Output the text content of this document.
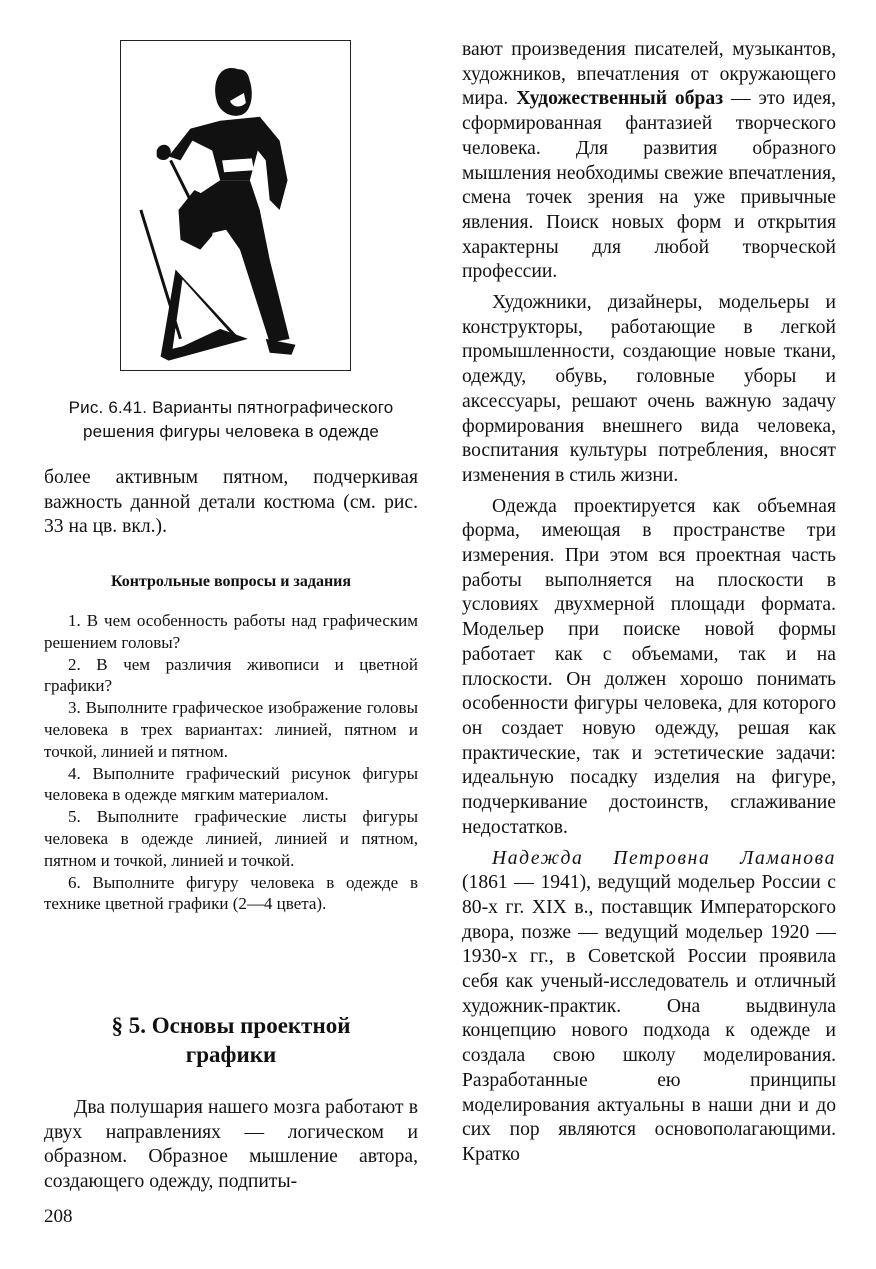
Рис. 6.41. Варианты пятнографического
решения фигуры человека в одежде

более активным пятном, подчеркивая важность данной детали костюма (см. рис. 33 на цв. вкл.).

Контрольные вопросы и задания

1. В чем особенность работы над графическим решением головы?

2. В чем различия живописи и цветной графики?

3. Выполните графическое изображение головы человека в трех вариантах: линией, пятном и точкой, линией и пятном.

4. Выполните графический рисунок фигуры человека в одежде мягким материалом.

5. Выполните графические листы фигуры человека в одежде линией, линией и пятном, пятном и точкой, линией и точкой.

6. Выполните фигуру человека в одежде в технике цветной графики (2—4 цвета).

§ 5. Основы проектной
графики

Два полушария нашего мозга работают в двух направлениях — логическом и образном. Образное мышление автора, создающего одежду, подпиты-

208

вают произведения писателей, музыкантов, художников, впечатления от окружающего мира. Художественный образ — это идея, сформированная фантазией творческого человека. Для развития образного мышления необходимы свежие впечатления, смена точек зрения на уже привычные явления. Поиск новых форм и открытия характерны для любой творческой профессии.

Художники, дизайнеры, модельеры и конструкторы, работающие в легкой промышленности, создающие новые ткани, одежду, обувь, головные уборы и аксессуары, решают очень важную задачу формирования внешнего вида человека, воспитания культуры потребления, вносят изменения в стиль жизни.

Одежда проектируется как объемная форма, имеющая в пространстве три измерения. При этом вся проектная часть работы выполняется на плоскости в условиях двухмерной площади формата. Модельер при поиске новой формы работает как с объемами, так и на плоскости. Он должен хорошо понимать особенности фигуры человека, для которого он создает новую одежду, решая как практические, так и эстетические задачи: идеальную посадку изделия на фигуре, подчеркивание достоинств, сглаживание недостатков.

Надежда Петровна Ламанова (1861 — 1941), ведущий модельер России с 80-х гг. XIX в., поставщик Императорского двора, позже — ведущий модельер 1920 — 1930-х гг., в Советской России проявила себя как ученый-исследователь и отличный художник-практик. Она выдвинула концепцию нового подхода к одежде и создала свою школу моделирования. Разработанные ею принципы моделирования актуальны в наши дни и до сих пор являются основополагающими. Кратко
